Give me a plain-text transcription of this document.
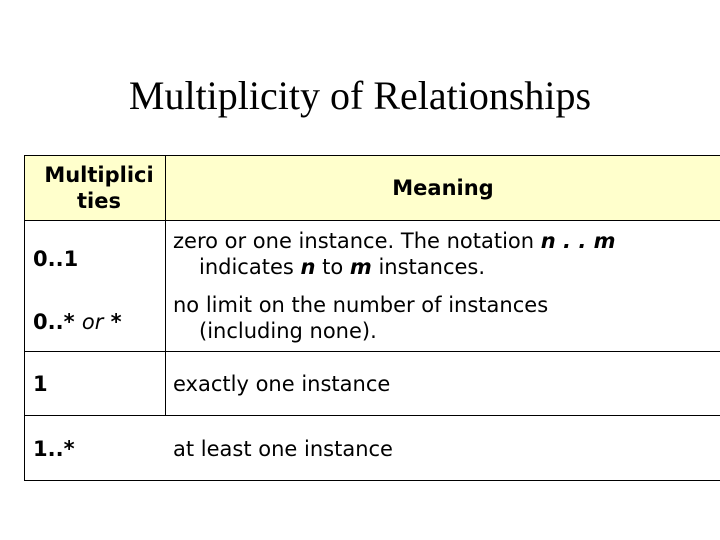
Multiplicity of Relationships
Multiplici
ties
Meaning
0..1
zero or one instance. The notation n . . m
indicates n to m instances.
0..* or *
no limit on the number of instances
(including none).
1	exactly one instance
1..*	at least one instance
